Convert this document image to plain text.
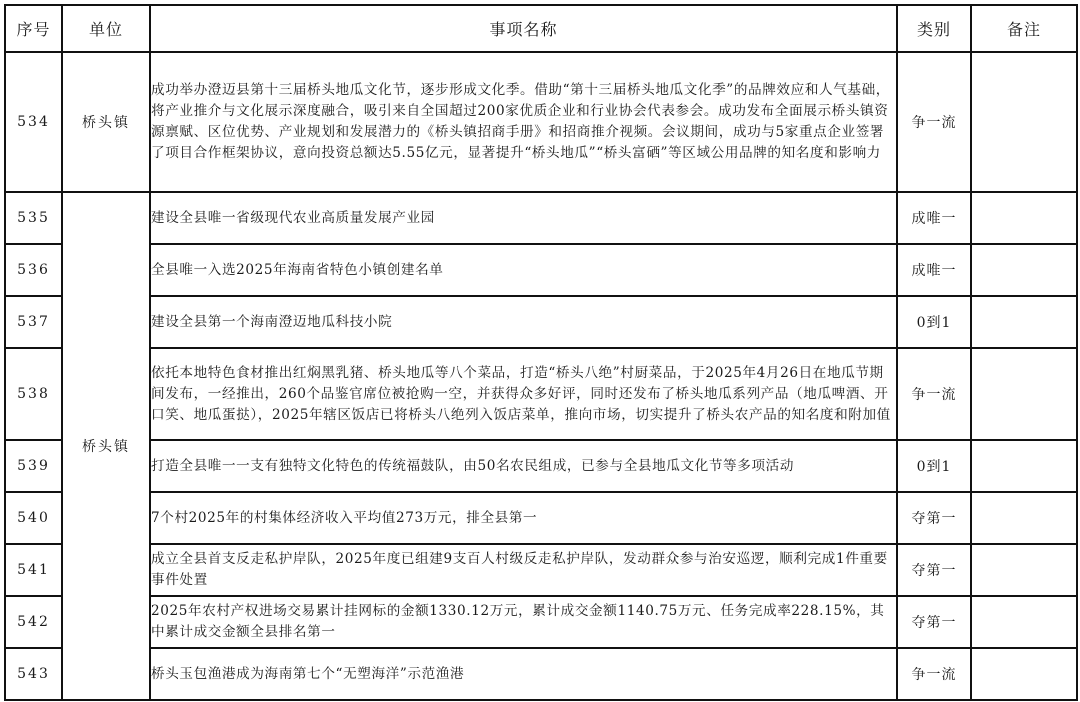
序号	单位	事项名称	类别	备注
534	桥头镇	成功举办澄迈县第十三届桥头地瓜文化节，逐步形成文化季。借助“第十三届桥头地瓜文化季”的品牌效应和人气基础，将产业推介与文化展示深度融合，吸引来自全国超过200家优质企业和行业协会代表参会。成功发布全面展示桥头镇资源禀赋、区位优势、产业规划和发展潜力的《桥头镇招商手册》和招商推介视频。会议期间，成功与5家重点企业签署了项目合作框架协议，意向投资总额达5.55亿元，显著提升“桥头地瓜”“桥头富硒”等区域公用品牌的知名度和影响力	争一流	
535	桥头镇	建设全县唯一省级现代农业高质量发展产业园	成唯一	
536		全县唯一入选2025年海南省特色小镇创建名单	成唯一	
537		建设全县第一个海南澄迈地瓜科技小院	0到1	
538		依托本地特色食材推出红焖黑乳猪、桥头地瓜等八个菜品，打造“桥头八绝”村厨菜品，于2025年4月26日在地瓜节期间发布，一经推出，260个品鉴官席位被抢购一空，并获得众多好评，同时还发布了桥头地瓜系列产品（地瓜啤酒、开口笑、地瓜蛋挞），2025年辖区饭店已将桥头八绝列入饭店菜单，推向市场，切实提升了桥头农产品的知名度和附加值	争一流	
539		打造全县唯一一支有独特文化特色的传统福鼓队，由50名农民组成，已参与全县地瓜文化节等多项活动	0到1	
540		7个村2025年的村集体经济收入平均值273万元，排全县第一	夺第一	
541		成立全县首支反走私护岸队，2025年度已组建9支百人村级反走私护岸队，发动群众参与治安巡逻，顺利完成1件重要事件处置	夺第一	
542		2025年农村产权进场交易累计挂网标的金额1330.12万元，累计成交金额1140.75万元、任务完成率228.15%，其中累计成交金额全县排名第一	夺第一	
543		桥头玉包渔港成为海南第七个“无塑海洋”示范渔港	争一流	
